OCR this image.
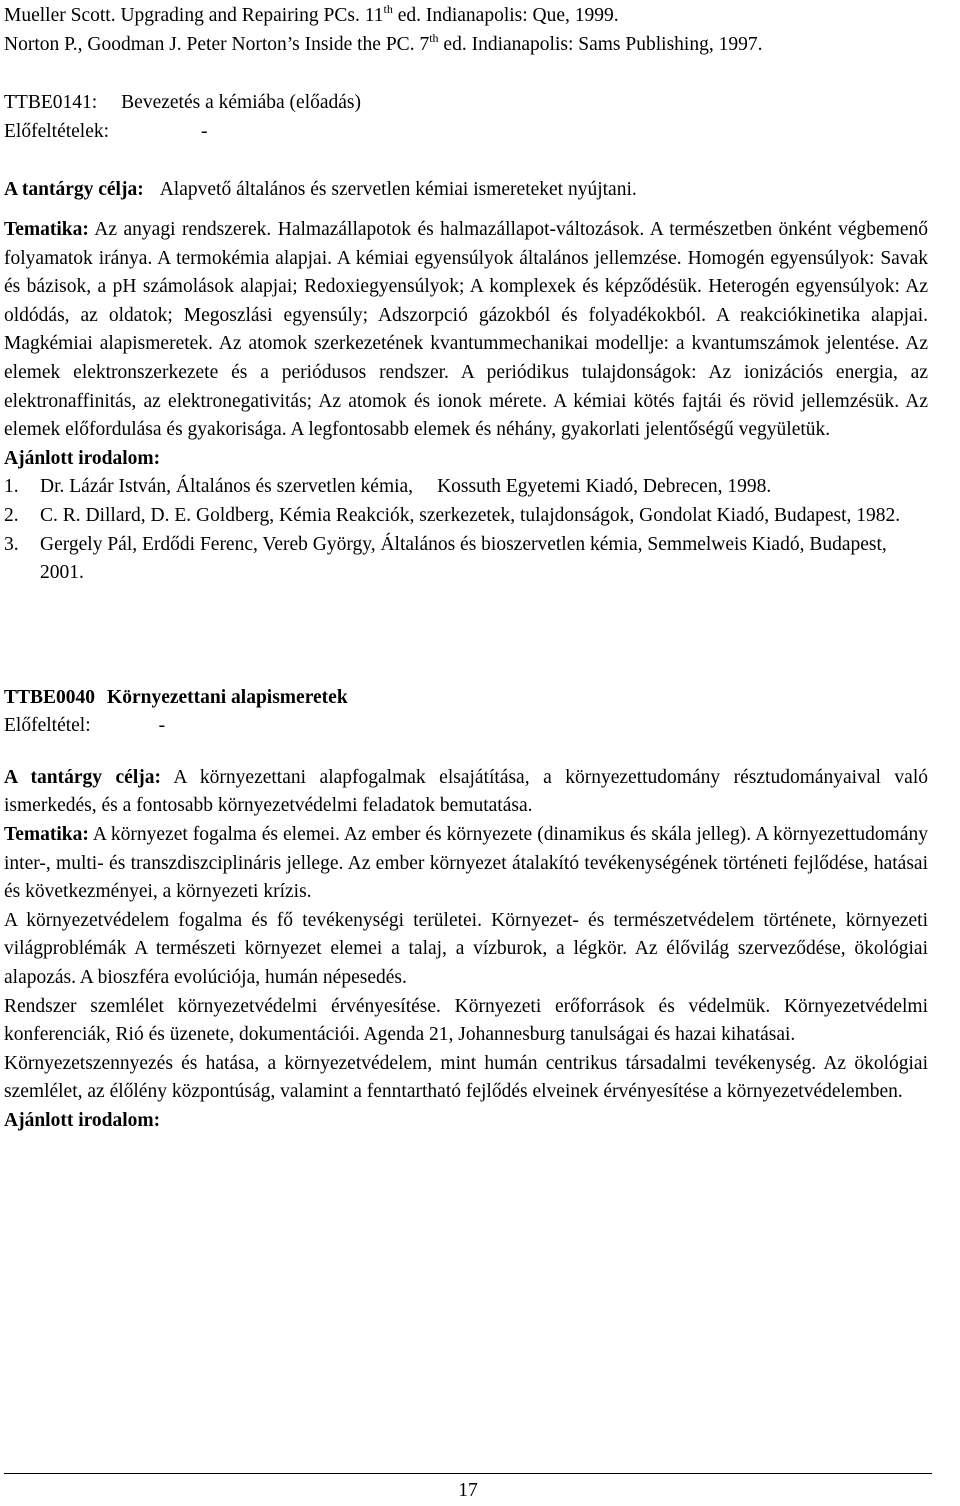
Mueller Scott. Upgrading and Repairing PCs. 11th ed. Indianapolis: Que, 1999.

Norton P., Goodman J. Peter Norton’s Inside the PC. 7th ed. Indianapolis: Sams Publishing, 1997.

TTBE0141: Bevezetés a kémiába (előadás)

Előfeltételek:	-

A tantárgy célja: Alapvető általános és szervetlen kémiai ismereteket nyújtani.

Tematika: Az anyagi rendszerek. Halmazállapotok és halmazállapot-változások. A természetben önként végbemenő folyamatok iránya. A termokémia alapjai. A kémiai egyensúlyok általános jellemzése. Homogén egyensúlyok: Savak és bázisok, a pH számolások alapjai; Redoxiegyensúlyok; A komplexek és képződésük. Heterogén egyensúlyok: Az oldódás, az oldatok; Megoszlási egyensúly; Adszorpció gázokból és folyadékokból. A reakciókinetika alapjai. Magkémiai alapismeretek. Az atomok szerkezetének kvantummechanikai modellje: a kvantumszámok jelentése. Az elemek elektronszerkezete és a periódusos rendszer. A periódikus tulajdonságok: Az ionizációs energia, az elektronaffinitás, az elektronegativitás; Az atomok és ionok mérete. A kémiai kötés fajtái és rövid jellemzésük. Az elemek előfordulása és gyakorisága. A legfontosabb elemek és néhány, gyakorlati jelentőségű vegyületük.

Ajánlott irodalom:

1. Dr. Lázár István, Általános és szervetlen kémia, Kossuth Egyetemi Kiadó, Debrecen, 1998.
2. C. R. Dillard, D. E. Goldberg, Kémia Reakciók, szerkezetek, tulajdonságok, Gondolat Kiadó, Budapest, 1982.
3. Gergely Pál, Erdődi Ferenc, Vereb György, Általános és bioszervetlen kémia, Semmelweis Kiadó, Budapest, 2001.

TTBE0040 Környezettani alapismeretek

Előfeltétel:	-

A tantárgy célja: A környezettani alapfogalmak elsajátítása, a környezettudomány résztudományaival való ismerkedés, és a fontosabb környezetvédelmi feladatok bemutatása.

Tematika: A környezet fogalma és elemei. Az ember és környezete (dinamikus és skála jelleg). A környezettudomány inter-, multi- és transzdiszciplináris jellege. Az ember környezet átalakító tevékenységének történeti fejlődése, hatásai és következményei, a környezeti krízis.

A környezetvédelem fogalma és fő tevékenységi területei. Környezet- és természetvédelem története, környezeti világproblémák A természeti környezet elemei a talaj, a vízburok, a légkör. Az élővilág szerveződése, ökológiai alapozás. A bioszféra evolúciója, humán népesedés.

Rendszer szemlélet környezetvédelmi érvényesítése. Környezeti erőforrások és védelmük. Környezetvédelmi konferenciák, Rió és üzenete, dokumentációi. Agenda 21, Johannesburg tanulságai és hazai kihatásai.

Környezetszennyezés és hatása, a környezetvédelem, mint humán centrikus társadalmi tevékenység. Az ökológiai szemlélet, az élőlény központúság, valamint a fenntartható fejlődés elveinek érvényesítése a környezetvédelemben.

Ajánlott irodalom:

17
